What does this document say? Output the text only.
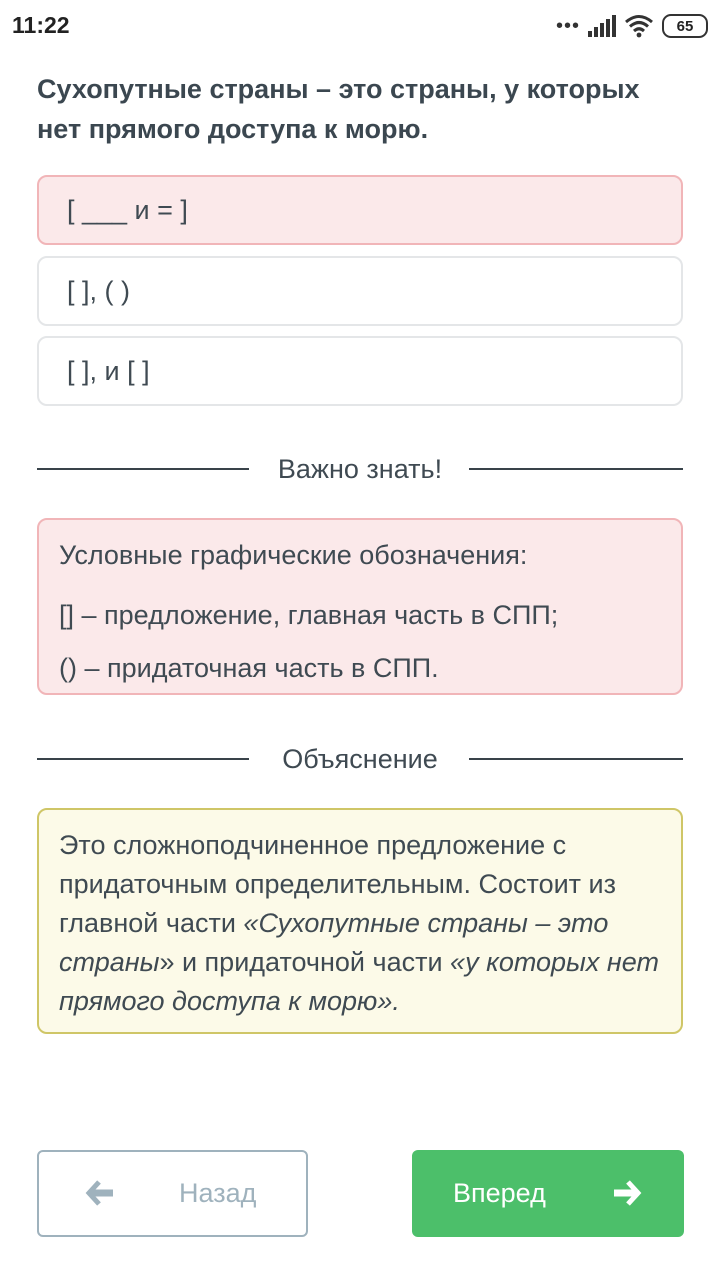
11:22	•••	65
Сухопутные страны – это страны, у которых нет прямого доступа к морю.
[ ___ и = ]
[ ], ( )
[ ], и [ ]
Важно знать!

Условные графические обозначения:

[] – предложение, главная часть в СПП;

() – придаточная часть в СПП.

Объяснение
Это сложноподчиненное предложение с придаточным определительным. Состоит из главной части «Сухопутные страны – это страны» и придаточной части «у которых нет прямого доступа к морю».
Назад	Вперед
